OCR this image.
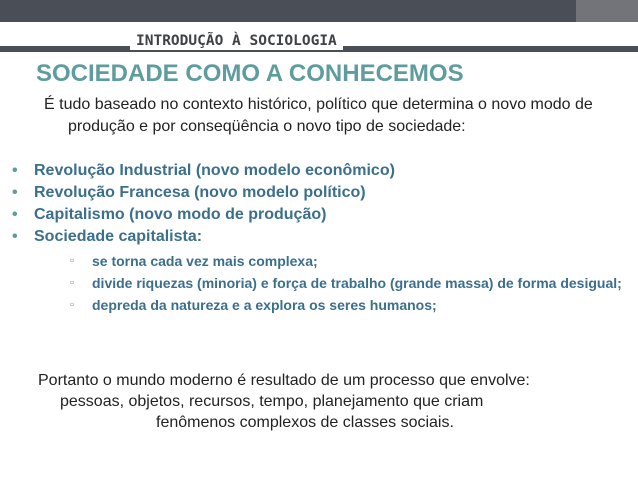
INTRODUÇÃO À SOCIOLOGIA
SOCIEDADE COMO A CONHECEMOS

É tudo baseado no contexto histórico, político que determina o novo modo de produção e por conseqüência o novo tipo de sociedade:

• Revolução Industrial (novo modelo econômico)
• Revolução Francesa (novo modelo político)
• Capitalismo (novo modo de produção)
• Sociedade capitalista:
▫ se torna cada vez mais complexa;
▫ divide riquezas (minoria) e força de trabalho (grande massa) de forma desigual;
▫ depreda da natureza e a explora os seres humanos;

Portanto o mundo moderno é resultado de um processo que envolve:
pessoas, objetos, recursos, tempo, planejamento que criam
fenômenos complexos de classes sociais.
